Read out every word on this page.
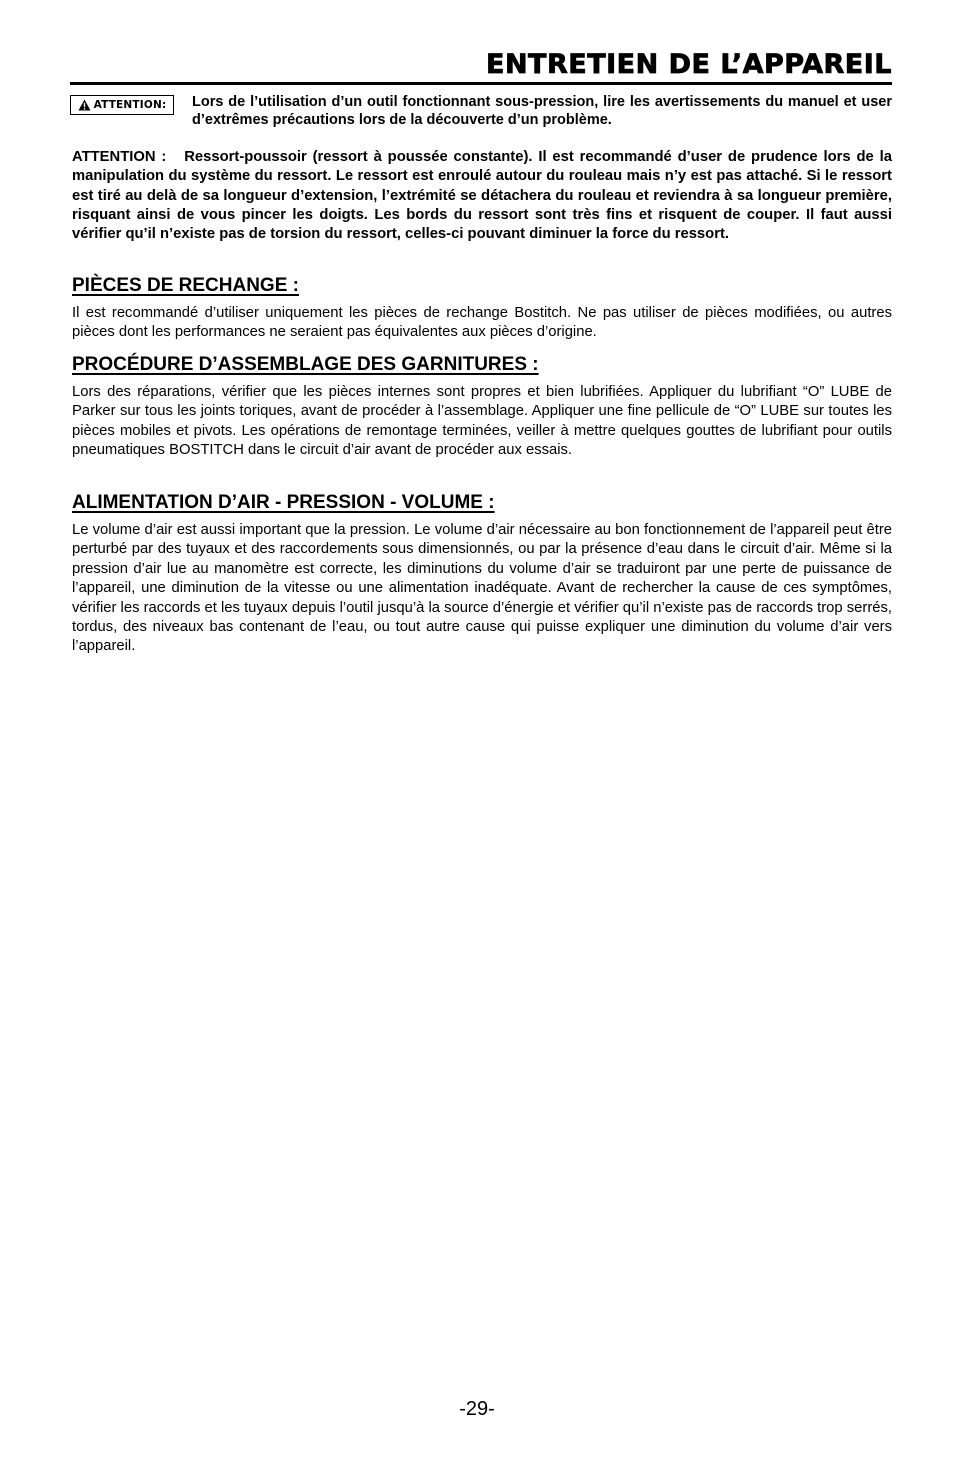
ENTRETIEN DE L’APPAREIL
ATTENTION: Lors de l’utilisation d’un outil fonctionnant sous-pression, lire les avertissements du manuel et user d’extrêmes précautions lors de la découverte d’un problème.

ATTENTION : Ressort-poussoir (ressort à poussée constante). Il est recommandé d’user de prudence lors de la manipulation du système du ressort. Le ressort est enroulé autour du rouleau mais n’y est pas attaché. Si le ressort est tiré au delà de sa longueur d’extension, l’extrémité se détachera du rouleau et reviendra à sa longueur première, risquant ainsi de vous pincer les doigts. Les bords du ressort sont très fins et risquent de couper. Il faut aussi vérifier qu’il n’existe pas de torsion du ressort, celles-ci pouvant diminuer la force du ressort.

PIÈCES DE RECHANGE :

Il est recommandé d’utiliser uniquement les pièces de rechange Bostitch. Ne pas utiliser de pièces modifiées, ou autres pièces dont les performances ne seraient pas équivalentes aux pièces d’origine.

PROCÉDURE D’ASSEMBLAGE DES GARNITURES :

Lors des réparations, vérifier que les pièces internes sont propres et bien lubrifiées. Appliquer du lubrifiant “O” LUBE de Parker sur tous les joints toriques, avant de procéder à l’assemblage. Appliquer une fine pellicule de “O” LUBE sur toutes les pièces mobiles et pivots. Les opérations de remontage terminées, veiller à mettre quelques gouttes de lubrifiant pour outils pneumatiques BOSTITCH dans le circuit d’air avant de procéder aux essais.

ALIMENTATION D’AIR - PRESSION - VOLUME :

Le volume d’air est aussi important que la pression. Le volume d’air nécessaire au bon fonctionnement de l’appareil peut être perturbé par des tuyaux et des raccordements sous dimensionnés, ou par la présence d’eau dans le circuit d’air. Même si la pression d’air lue au manomètre est correcte, les diminutions du volume d’air se traduiront par une perte de puissance de l’appareil, une diminution de la vitesse ou une alimentation inadéquate. Avant de rechercher la cause de ces symptômes, vérifier les raccords et les tuyaux depuis l’outil jusqu’à la source d’énergie et vérifier qu’il n’existe pas de raccords trop serrés, tordus, des niveaux bas contenant de l’eau, ou tout autre cause qui puisse expliquer une diminution du volume d’air vers l’appareil.

-29-
